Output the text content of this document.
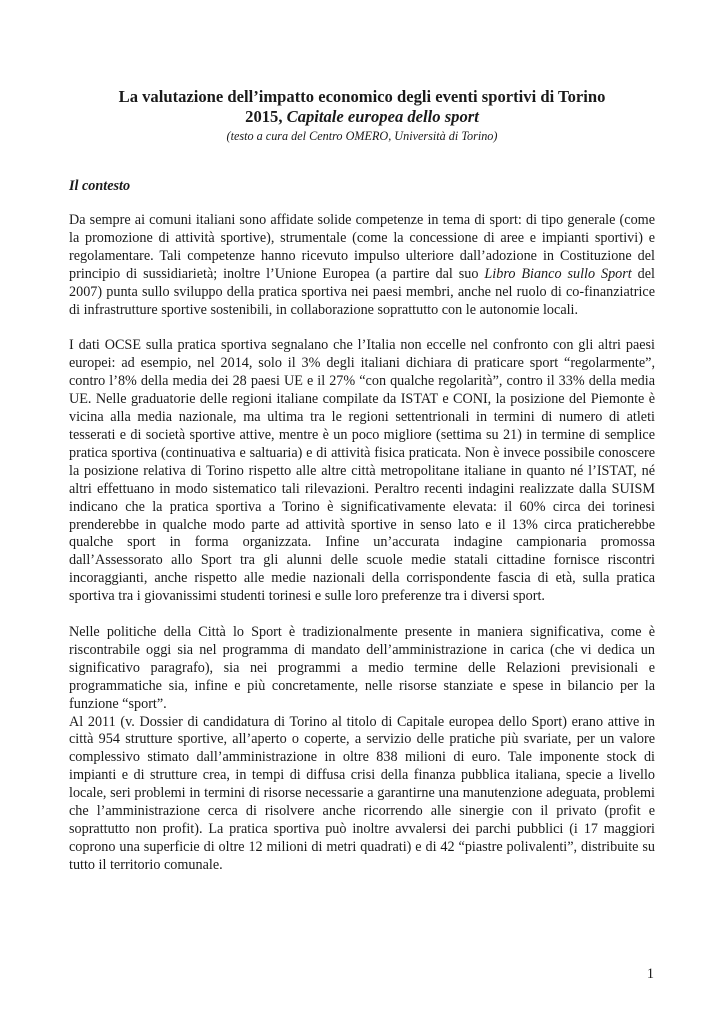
La valutazione dell’impatto economico degli eventi sportivi di Torino
2015, Capitale europea dello sport

(testo a cura del Centro OMERO, Università di Torino)

Il contesto

Da sempre ai comuni italiani sono affidate solide competenze in tema di sport: di tipo generale (come la promozione di attività sportive), strumentale (come la concessione di aree e impianti sportivi) e regolamentare. Tali competenze hanno ricevuto impulso ulteriore dall’adozione in Costituzione del principio di sussidiarietà; inoltre l’Unione Europea (a partire dal suo Libro Bianco sullo Sport del 2007) punta sullo sviluppo della pratica sportiva nei paesi membri, anche nel ruolo di co-finanziatrice di infrastrutture sportive sostenibili, in collaborazione soprattutto con le autonomie locali.

I dati OCSE sulla pratica sportiva segnalano che l’Italia non eccelle nel confronto con gli altri paesi europei: ad esempio, nel 2014, solo il 3% degli italiani dichiara di praticare sport “regolarmente”, contro l’8% della media dei 28 paesi UE e il 27% “con qualche regolarità”, contro il 33% della media UE. Nelle graduatorie delle regioni italiane compilate da ISTAT e CONI, la posizione del Piemonte è vicina alla media nazionale, ma ultima tra le regioni settentrionali in termini di numero di atleti tesserati e di società sportive attive, mentre è un poco migliore (settima su 21) in termine di semplice pratica sportiva (continuativa e saltuaria) e di attività fisica praticata. Non è invece possibile conoscere la posizione relativa di Torino rispetto alle altre città metropolitane italiane in quanto né l’ISTAT, né altri effettuano in modo sistematico tali rilevazioni. Peraltro recenti indagini realizzate dalla SUISM indicano che la pratica sportiva a Torino è significativamente elevata: il 60% circa dei torinesi prenderebbe in qualche modo parte ad attività sportive in senso lato e il 13% circa praticherebbe qualche sport in forma organizzata. Infine un’accurata indagine campionaria promossa dall’Assessorato allo Sport tra gli alunni delle scuole medie statali cittadine fornisce riscontri incoraggianti, anche rispetto alle medie nazionali della corrispondente fascia di età, sulla pratica sportiva tra i giovanissimi studenti torinesi e sulle loro preferenze tra i diversi sport.

Nelle politiche della Città lo Sport è tradizionalmente presente in maniera significativa, come è riscontrabile oggi sia nel programma di mandato dell’amministrazione in carica (che vi dedica un significativo paragrafo), sia nei programmi a medio termine delle Relazioni previsionali e programmatiche sia, infine e più concretamente, nelle risorse stanziate e spese in bilancio per la funzione “sport”.

Al 2011 (v. Dossier di candidatura di Torino al titolo di Capitale europea dello Sport) erano attive in città 954 strutture sportive, all’aperto o coperte, a servizio delle pratiche più svariate, per un valore complessivo stimato dall’amministrazione in oltre 838 milioni di euro. Tale imponente stock di impianti e di strutture crea, in tempi di diffusa crisi della finanza pubblica italiana, specie a livello locale, seri problemi in termini di risorse necessarie a garantirne una manutenzione adeguata, problemi che l’amministrazione cerca di risolvere anche ricorrendo alle sinergie con il privato (profit e soprattutto non profit). La pratica sportiva può inoltre avvalersi dei parchi pubblici (i 17 maggiori coprono una superficie di oltre 12 milioni di metri quadrati) e di 42 “piastre polivalenti”, distribuite su tutto il territorio comunale.

1
